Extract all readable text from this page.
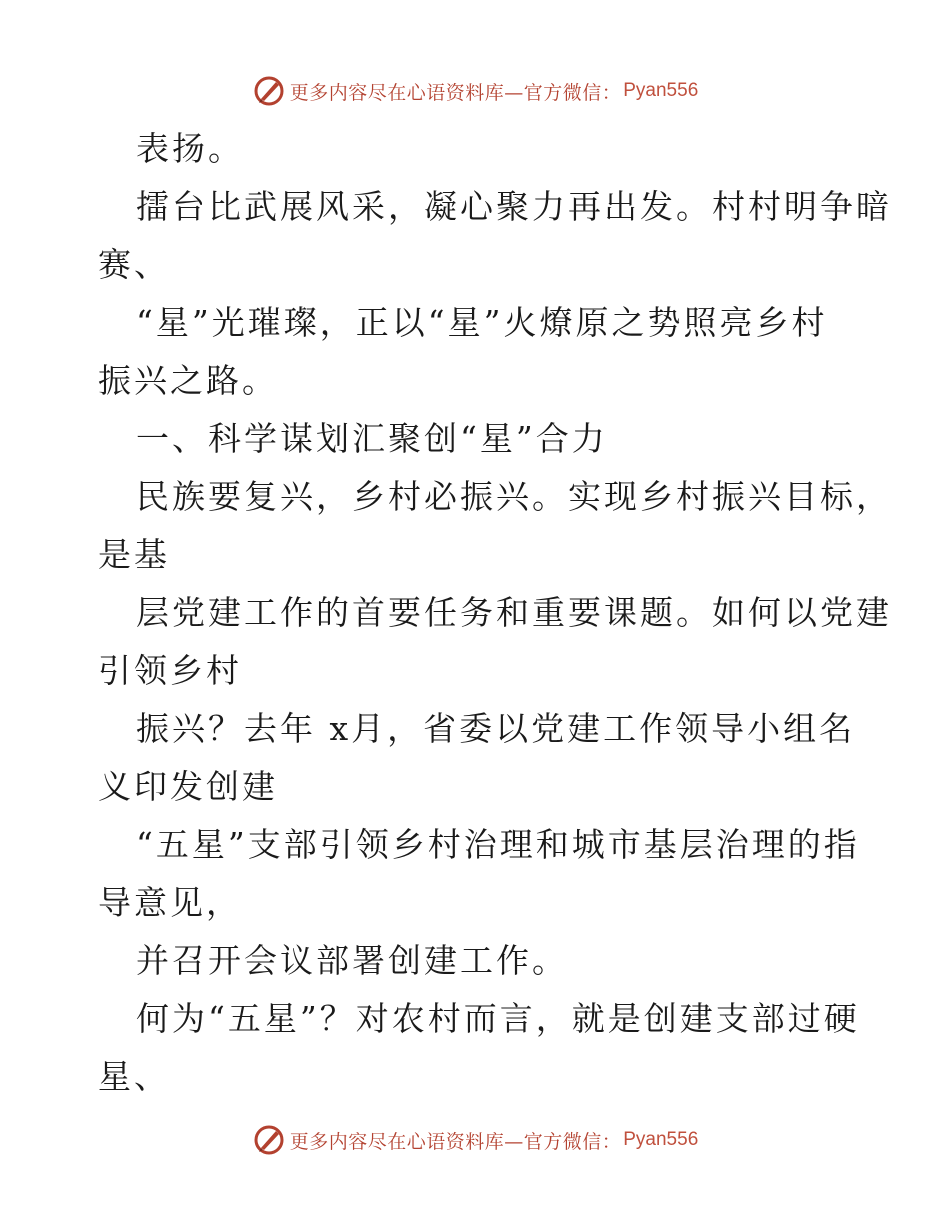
更多内容尽在心语资料库—官方微信： Pyan556
表扬。
擂台比武展风采，凝心聚力再出发。村村明争暗
赛、
“星”光璀璨，正以“星”火燎原之势照亮乡村
振兴之路。
一、科学谋划汇聚创“星”合力
民族要复兴，乡村必振兴。实现乡村振兴目标，
是基
层党建工作的首要任务和重要课题。如何以党建
引领乡村
振兴？去年 x月，省委以党建工作领导小组名
义印发创建
“五星”支部引领乡村治理和城市基层治理的指
导意见，
并召开会议部署创建工作。
何为“五星”？对农村而言，就是创建支部过硬
星、
更多内容尽在心语资料库—官方微信： Pyan556
